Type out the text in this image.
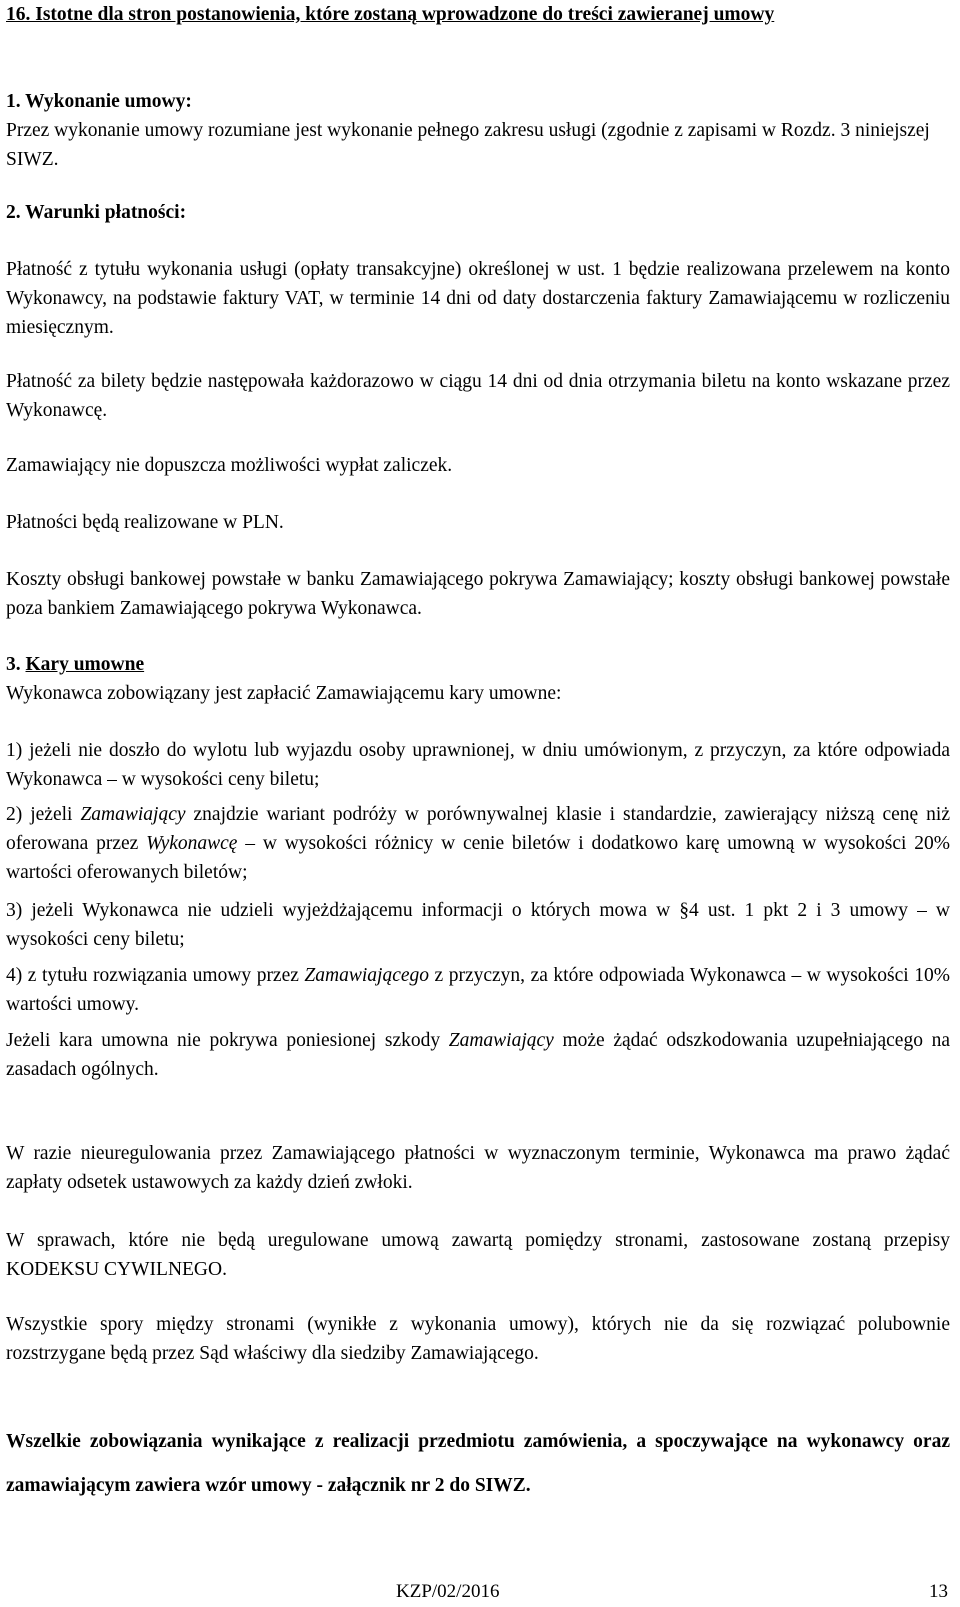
16. Istotne dla stron postanowienia, które zostaną wprowadzone do treści zawieranej umowy

1. Wykonanie umowy:

Przez wykonanie umowy rozumiane jest wykonanie pełnego zakresu usługi (zgodnie z zapisami w Rozdz. 3 niniejszej SIWZ.

2. Warunki płatności:

Płatność z tytułu wykonania usługi (opłaty transakcyjne) określonej w ust. 1 będzie realizowana przelewem na konto Wykonawcy, na podstawie faktury VAT, w terminie 14 dni od daty dostarczenia faktury Zamawiającemu w rozliczeniu miesięcznym.

Płatność za bilety będzie następowała każdorazowo w ciągu 14 dni od dnia otrzymania biletu na konto wskazane przez Wykonawcę.

Zamawiający nie dopuszcza możliwości wypłat zaliczek.

Płatności będą realizowane w PLN.

Koszty obsługi bankowej powstałe w banku Zamawiającego pokrywa Zamawiający; koszty obsługi bankowej powstałe poza bankiem Zamawiającego pokrywa Wykonawca.

3. Kary umowne

Wykonawca zobowiązany jest zapłacić Zamawiającemu kary umowne:

1) jeżeli nie doszło do wylotu lub wyjazdu osoby uprawnionej, w dniu umówionym, z przyczyn, za które odpowiada Wykonawca – w wysokości ceny biletu;

2) jeżeli Zamawiający znajdzie wariant podróży w porównywalnej klasie i standardzie, zawierający niższą cenę niż oferowana przez Wykonawcę – w wysokości różnicy w cenie biletów i dodatkowo karę umowną w wysokości 20% wartości oferowanych biletów;

3) jeżeli Wykonawca nie udzieli wyjeżdżającemu informacji o których mowa w §4 ust. 1 pkt 2 i 3 umowy – w wysokości ceny biletu;

4) z tytułu rozwiązania umowy przez Zamawiającego z przyczyn, za które odpowiada Wykonawca – w wysokości 10% wartości umowy.

Jeżeli kara umowna nie pokrywa poniesionej szkody Zamawiający może żądać odszkodowania uzupełniającego na zasadach ogólnych.

W razie nieuregulowania przez Zamawiającego płatności w wyznaczonym terminie, Wykonawca ma prawo żądać zapłaty odsetek ustawowych za każdy dzień zwłoki.

W sprawach, które nie będą uregulowane umową zawartą pomiędzy stronami, zastosowane zostaną przepisy KODEKSU CYWILNEGO.

Wszystkie spory między stronami (wynikłe z wykonania umowy), których nie da się rozwiązać polubownie rozstrzygane będą przez Sąd właściwy dla siedziby Zamawiającego.

Wszelkie zobowiązania wynikające z realizacji przedmiotu zamówienia, a spoczywające na wykonawcy oraz zamawiającym zawiera wzór umowy - załącznik nr 2 do SIWZ.

KZP/02/2016	13
